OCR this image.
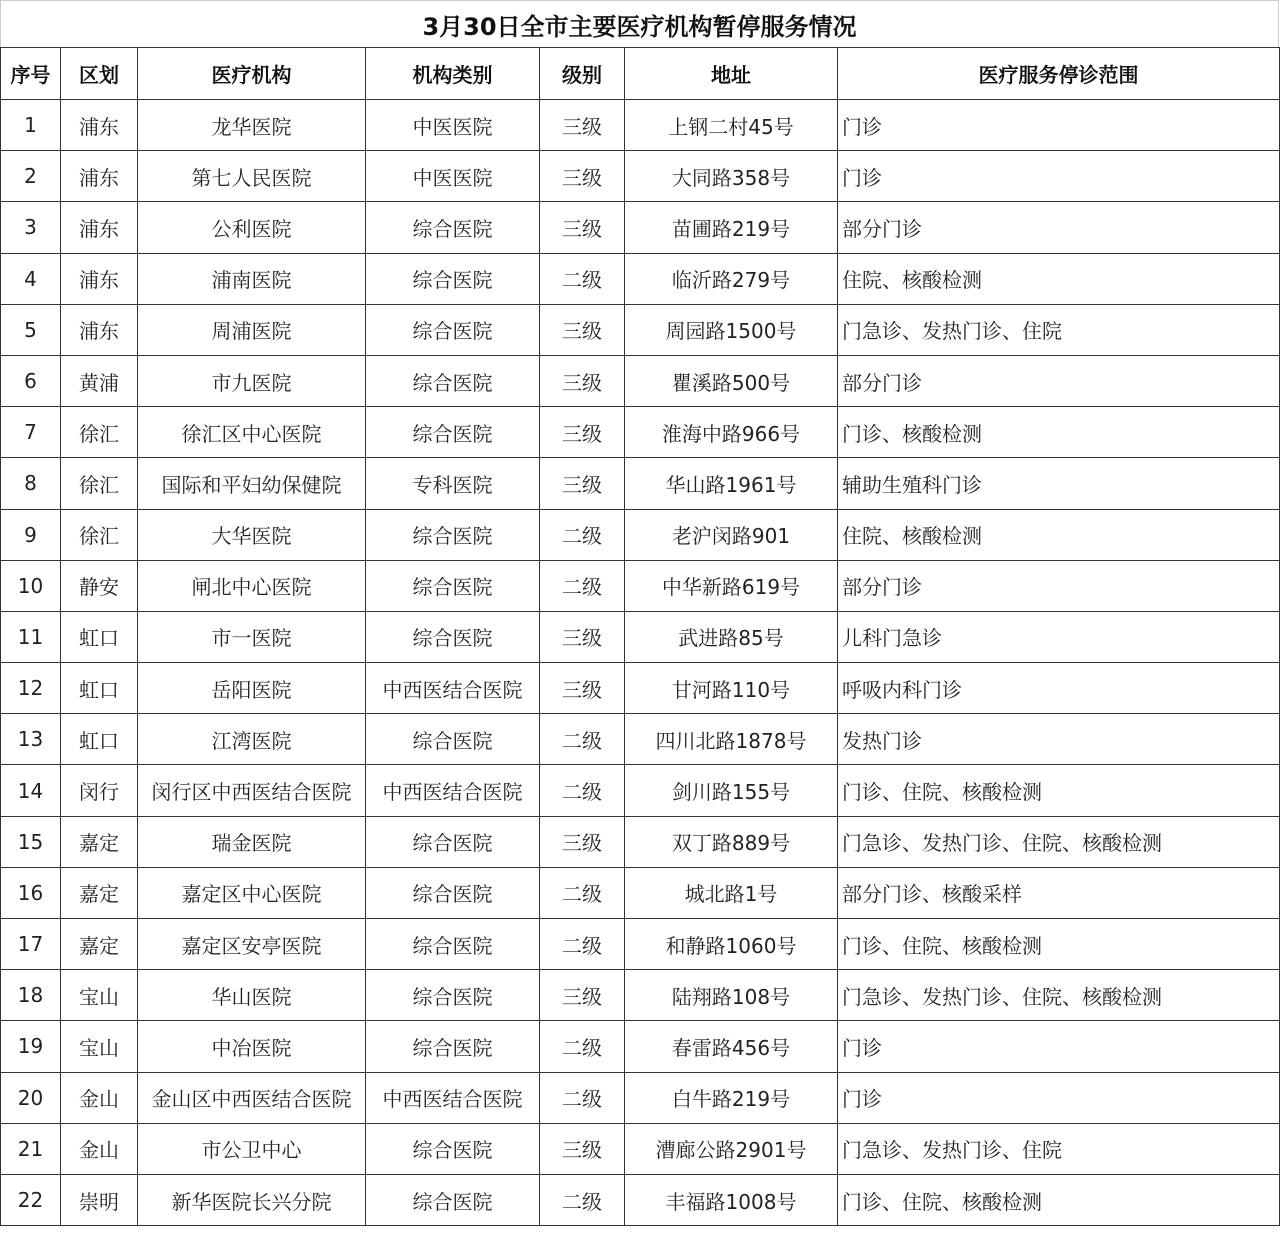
3月30日全市主要医疗机构暂停服务情况
序号	区划	医疗机构	机构类别	级别	地址	医疗服务停诊范围
1	浦东	龙华医院	中医医院	三级	上钢二村45号	门诊
2	浦东	第七人民医院	中医医院	三级	大同路358号	门诊
3	浦东	公利医院	综合医院	三级	苗圃路219号	部分门诊
4	浦东	浦南医院	综合医院	二级	临沂路279号	住院、核酸检测
5	浦东	周浦医院	综合医院	三级	周园路1500号	门急诊、发热门诊、住院
6	黄浦	市九医院	综合医院	三级	瞿溪路500号	部分门诊
7	徐汇	徐汇区中心医院	综合医院	三级	淮海中路966号	门诊、核酸检测
8	徐汇	国际和平妇幼保健院	专科医院	三级	华山路1961号	辅助生殖科门诊
9	徐汇	大华医院	综合医院	二级	老沪闵路901	住院、核酸检测
10	静安	闸北中心医院	综合医院	二级	中华新路619号	部分门诊
11	虹口	市一医院	综合医院	三级	武进路85号	儿科门急诊
12	虹口	岳阳医院	中西医结合医院	三级	甘河路110号	呼吸内科门诊
13	虹口	江湾医院	综合医院	二级	四川北路1878号	发热门诊
14	闵行	闵行区中西医结合医院	中西医结合医院	二级	剑川路155号	门诊、住院、核酸检测
15	嘉定	瑞金医院	综合医院	三级	双丁路889号	门急诊、发热门诊、住院、核酸检测
16	嘉定	嘉定区中心医院	综合医院	二级	城北路1号	部分门诊、核酸采样
17	嘉定	嘉定区安亭医院	综合医院	二级	和静路1060号	门诊、住院、核酸检测
18	宝山	华山医院	综合医院	三级	陆翔路108号	门急诊、发热门诊、住院、核酸检测
19	宝山	中冶医院	综合医院	二级	春雷路456号	门诊
20	金山	金山区中西医结合医院	中西医结合医院	二级	白牛路219号	门诊
21	金山	市公卫中心	综合医院	三级	漕廊公路2901号	门急诊、发热门诊、住院
22	崇明	新华医院长兴分院	综合医院	二级	丰福路1008号	门诊、住院、核酸检测
